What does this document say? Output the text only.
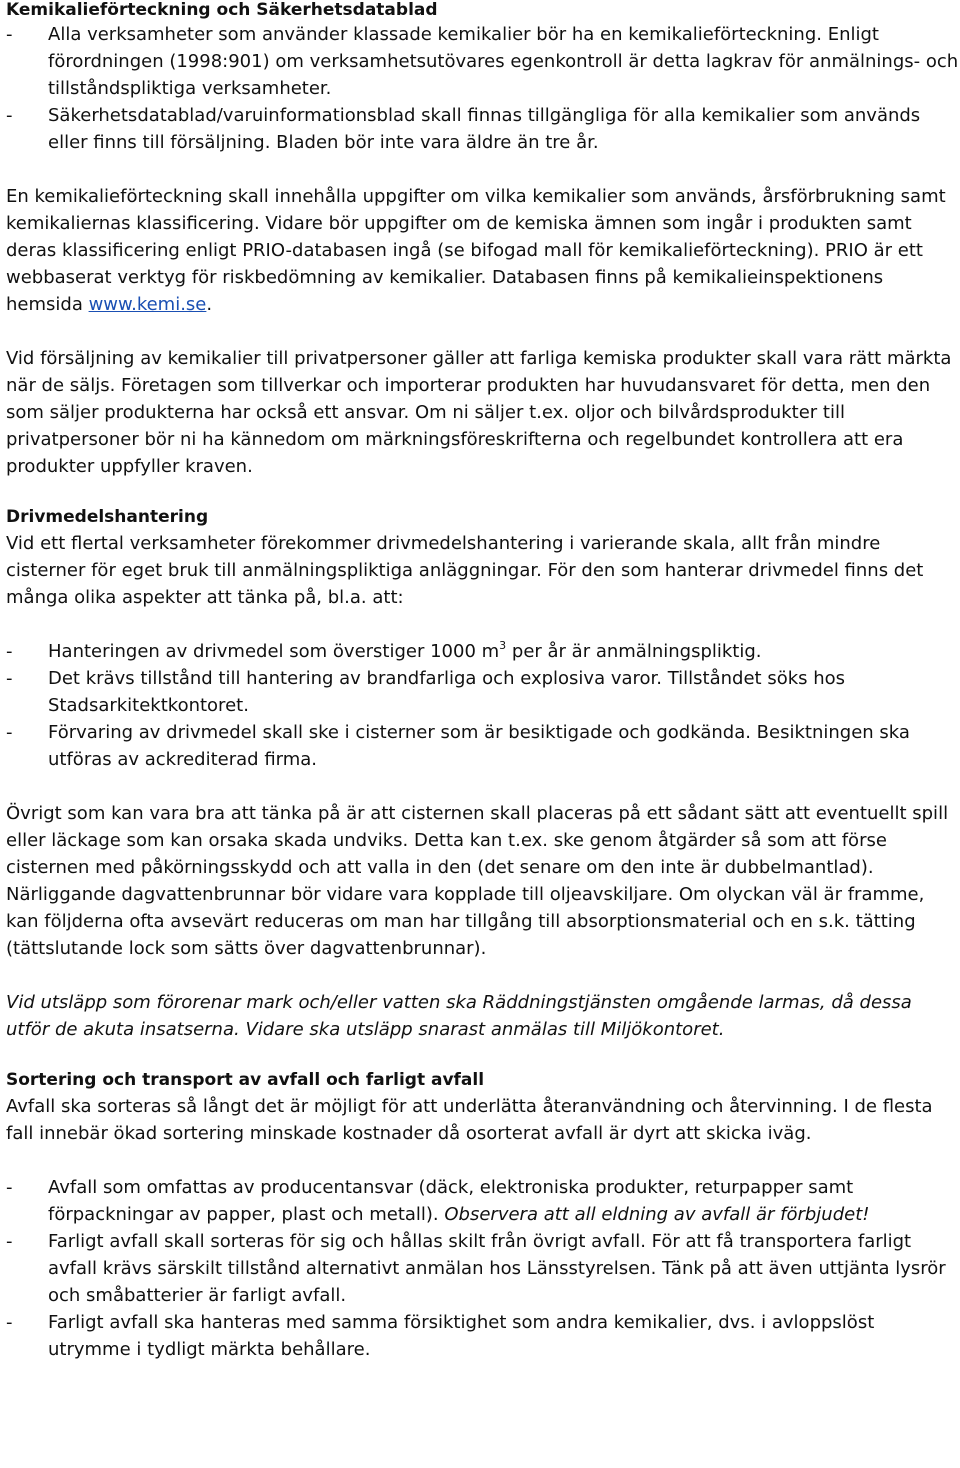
Kemikalieförteckning och Säkerhetsdatablad
- Alla verksamheter som använder klassade kemikalier bör ha en kemikalieförteckning. Enligt förordningen (1998:901) om verksamhetsutövares egenkontroll är detta lagkrav för anmälnings- och tillståndspliktiga verksamheter.
- Säkerhetsdatablad/varuinformationsblad skall finnas tillgängliga för alla kemikalier som används eller finns till försäljning. Bladen bör inte vara äldre än tre år.

En kemikalieförteckning skall innehålla uppgifter om vilka kemikalier som används, årsförbrukning samt kemikaliernas klassificering. Vidare bör uppgifter om de kemiska ämnen som ingår i produkten samt deras klassificering enligt PRIO-databasen ingå (se bifogad mall för kemikalieförteckning). PRIO är ett webbaserat verktyg för riskbedömning av kemikalier. Databasen finns på kemikalieinspektionens hemsida www.kemi.se.

Vid försäljning av kemikalier till privatpersoner gäller att farliga kemiska produkter skall vara rätt märkta när de säljs. Företagen som tillverkar och importerar produkten har huvudansvaret för detta, men den som säljer produkterna har också ett ansvar. Om ni säljer t.ex. oljor och bilvårdsprodukter till privatpersoner bör ni ha kännedom om märkningsföreskrifterna och regelbundet kontrollera att era produkter uppfyller kraven.

Drivmedelshantering

Vid ett flertal verksamheter förekommer drivmedelshantering i varierande skala, allt från mindre cisterner för eget bruk till anmälningspliktiga anläggningar. För den som hanterar drivmedel finns det många olika aspekter att tänka på, bl.a. att:

- Hanteringen av drivmedel som överstiger 1000 $m^3$ per år är anmälningspliktig.
- Det krävs tillstånd till hantering av brandfarliga och explosiva varor. Tillståndet söks hos Stadsarkitektkontoret.
- Förvaring av drivmedel skall ske i cisterner som är besiktigade och godkända. Besiktningen ska utföras av ackrediterad firma.

Övrigt som kan vara bra att tänka på är att cisternen skall placeras på ett sådant sätt att eventuellt spill eller läckage som kan orsaka skada undviks. Detta kan t.ex. ske genom åtgärder så som att förse cisternen med påkörningsskydd och att valla in den (det senare om den inte är dubbelmantlad). Närliggande dagvattenbrunnar bör vidare vara kopplade till oljeavskiljare. Om olyckan väl är framme, kan följderna ofta avsevärt reduceras om man har tillgång till absorptionsmaterial och en s.k. tätting (tättslutande lock som sätts över dagvattenbrunnar).

Vid utsläpp som förorenar mark och/eller vatten ska Räddningstjänsten omgående larmas, då dessa utför de akuta insatserna. Vidare ska utsläpp snarast anmälas till Miljökontoret.

Sortering och transport av avfall och farligt avfall

Avfall ska sorteras så långt det är möjligt för att underlätta återanvändning och återvinning. I de flesta fall innebär ökad sortering minskade kostnader då osorterat avfall är dyrt att skicka iväg.

- Avfall som omfattas av producentansvar (däck, elektroniska produkter, returpapper samt förpackningar av papper, plast och metall). Observera att all eldning av avfall är förbjudet!
- Farligt avfall skall sorteras för sig och hållas skilt från övrigt avfall. För att få transportera farligt avfall krävs särskilt tillstånd alternativt anmälan hos Länsstyrelsen. Tänk på att även uttjänta lysrör och småbatterier är farligt avfall.
- Farligt avfall ska hanteras med samma försiktighet som andra kemikalier, dvs. i avloppslöst utrymme i tydligt märkta behållare.
